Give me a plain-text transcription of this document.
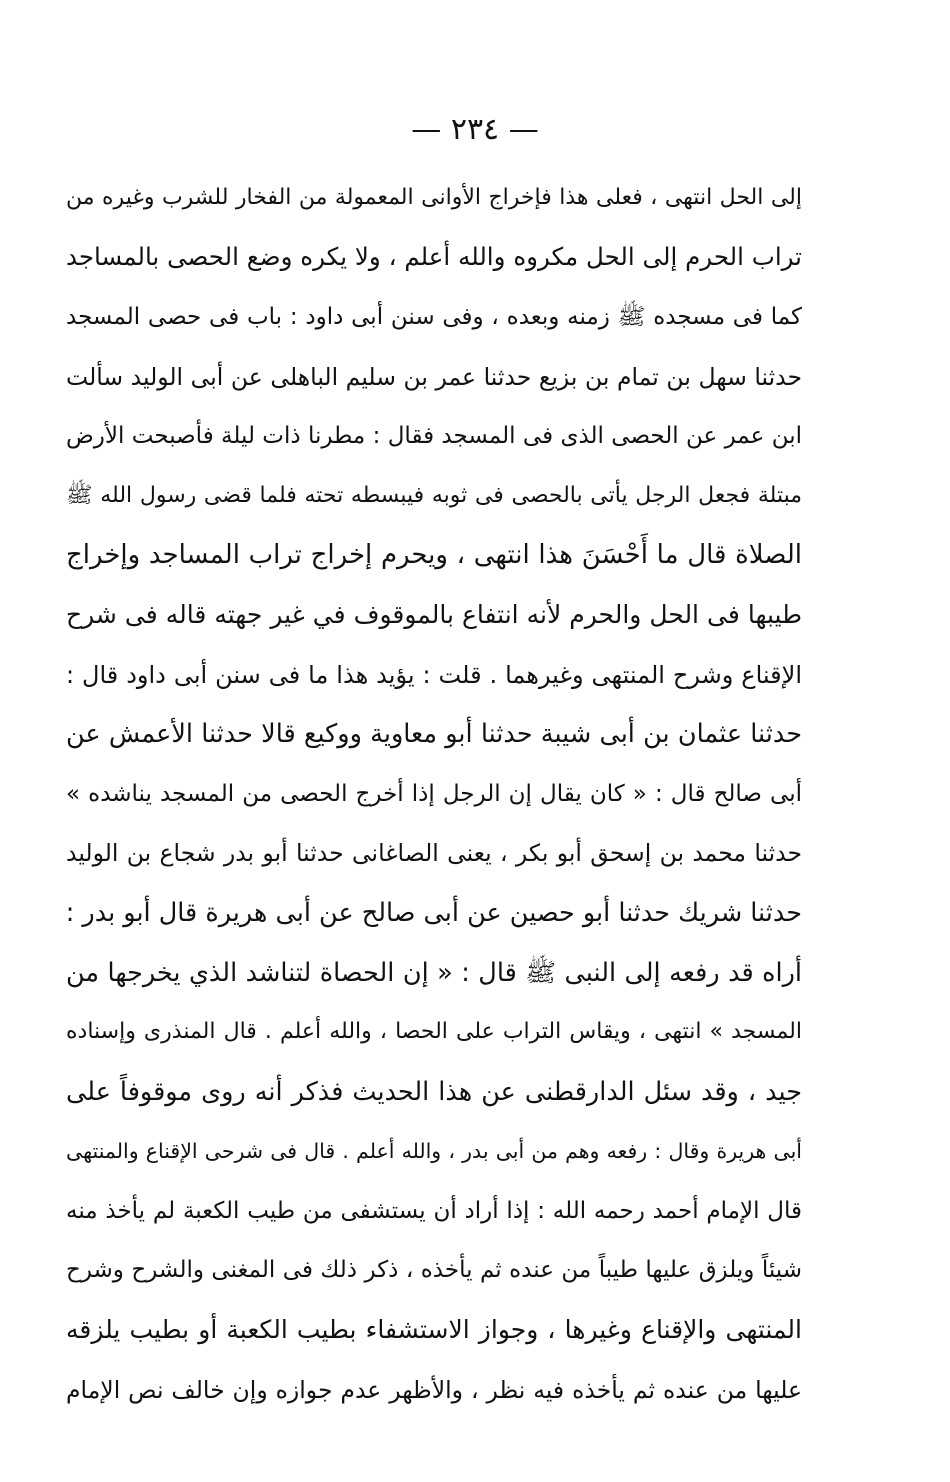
— ٢٣٤ —
إلى الحل انتهى ، فعلى هذا فإخراج الأوانى المعمولة من الفخار للشرب وغيره من
تراب الحرم إلى الحل مكروه والله أعلم ، ولا يكره وضع الحصى بالمساجد
كما فى مسجده ﷺ زمنه وبعده ، وفى سنن أبى داود : باب فى حصى المسجد
حدثنا سهل بن تمام بن بزيع حدثنا عمر بن سليم الباهلى عن أبى الوليد سألت
ابن عمر عن الحصى الذى فى المسجد فقال : مطرنا ذات ليلة فأصبحت الأرض
مبتلة فجعل الرجل يأتى بالحصى فى ثوبه فيبسطه تحته فلما قضى رسول الله ﷺ
الصلاة قال ما أَحْسَنَ هذا انتهى ، ويحرم إخراج تراب المساجد وإخراج
طيبها فى الحل والحرم لأنه انتفاع بالموقوف في غير جهته قاله فى شرح
الإقناع وشرح المنتهى وغيرهما . قلت : يؤيد هذا ما فى سنن أبى داود قال :
حدثنا عثمان بن أبى شيبة حدثنا أبو معاوية ووكيع قالا حدثنا الأعمش عن
أبى صالح قال : « كان يقال إن الرجل إذا أخرج الحصى من المسجد يناشده »
حدثنا محمد بن إسحق أبو بكر ، يعنى الصاغانى حدثنا أبو بدر شجاع بن الوليد
حدثنا شريك حدثنا أبو حصين عن أبى صالح عن أبى هريرة قال أبو بدر :
أراه قد رفعه إلى النبى ﷺ قال : « إن الحصاة لتناشد الذي يخرجها من
المسجد » انتهى ، ويقاس التراب على الحصا ، والله أعلم . قال المنذرى وإسناده
جيد ، وقد سئل الدارقطنى عن هذا الحديث فذكر أنه روى موقوفاً على
أبى هريرة وقال : رفعه وهم من أبى بدر ، والله أعلم . قال فى شرحى الإقناع والمنتهى
قال الإمام أحمد رحمه الله : إذا أراد أن يستشفى من طيب الكعبة لم يأخذ منه
شيئاً ويلزق عليها طيباً من عنده ثم يأخذه ، ذكر ذلك فى المغنى والشرح وشرح
المنتهى والإقناع وغيرها ، وجواز الاستشفاء بطيب الكعبة أو بطيب يلزقه
عليها من عنده ثم يأخذه فيه نظر ، والأظهر عدم جوازه وإن خالف نص الإمام
